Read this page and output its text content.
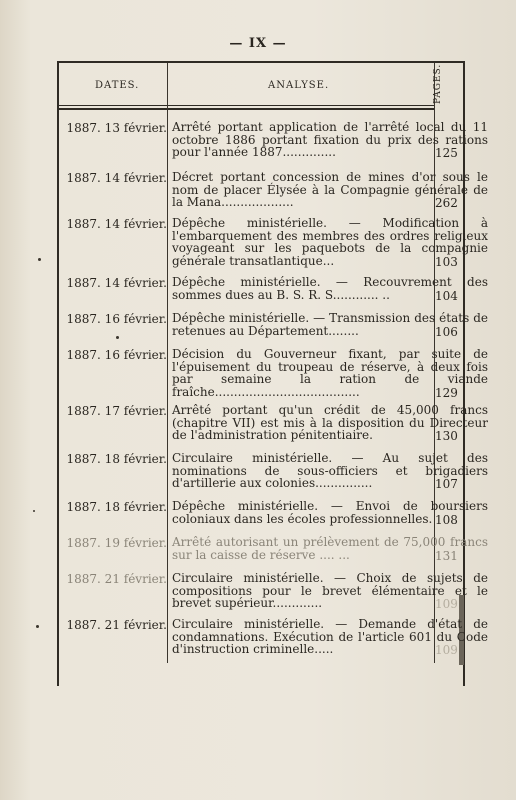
— IX —
DATES.	ANALYSE.	PAGES.
1887. 13 février. Arrêté portant application de l'arrêté local du 11 octobre 1886 portant fixation du prix des rations pour l'année 1887..............	125
1887. 14 février. Décret portant concession de mines d'or sous le nom de placer Élysée à la Compagnie générale de la Mana...................	262
1887. 14 février. Dépêche ministérielle. — Modification à l'embarquement des membres des ordres religieux voyageant sur les paquebots de la compagnie générale transatlantique...	103
1887. 14 février. Dépêche ministérielle. — Recouvrement des sommes dues au B. S. R. S............ ..	104
1887. 16 février. Dépêche ministérielle. — Transmission des états de retenues au Département........	106
1887. 16 février. Décision du Gouverneur fixant, par suite de l'épuisement du troupeau de réserve, à deux fois par semaine la ration de viande fraîche......................................	129
1887. 17 février. Arrêté portant qu'un crédit de 45,000 francs (chapitre VII) est mis à la disposition du Directeur de l'administration pénitentiaire.	130
1887. 18 février. Circulaire ministérielle. — Au sujet des nominations de sous-officiers et brigadiers d'artillerie aux colonies...............	107
1887. 18 février. Dépêche ministérielle. — Envoi de boursiers coloniaux dans les écoles professionnelles. 108
1887. 19 février. Arrêté autorisant un prélèvement de 75,000 francs sur la caisse de réserve .... ...	131
1887. 21 février. Circulaire ministérielle. — Choix de sujets de compositions pour le brevet élémentaire et le brevet supérieur.............	109
1887. 21 février. Circulaire ministérielle. — Demande d'état de condamnations. Exécution de l'article 601 du Code d'instruction criminelle.....	109
